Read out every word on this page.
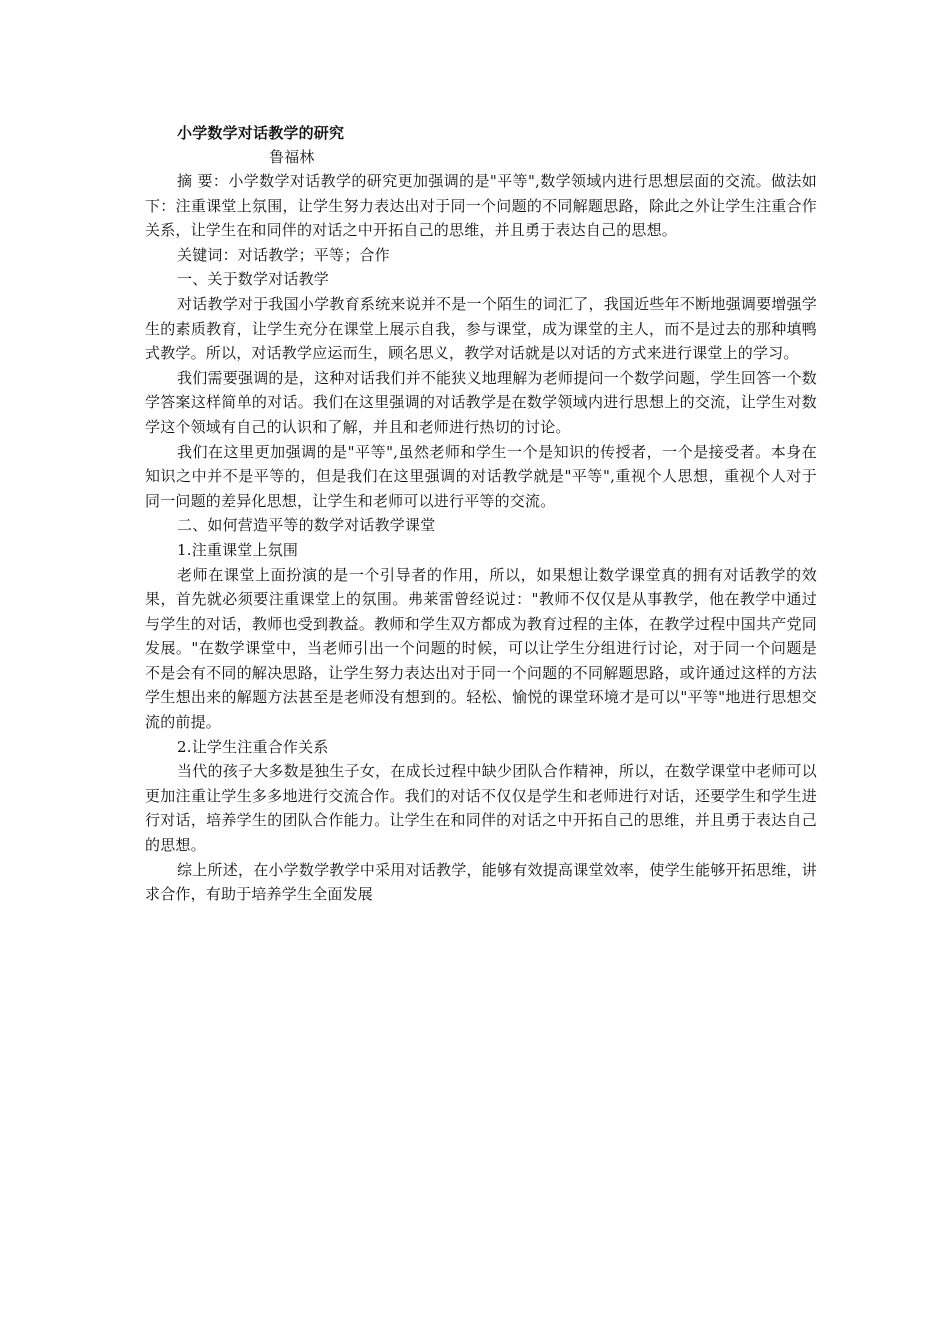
小学数学对话教学的研究

鲁福林

摘 要：小学数学对话教学的研究更加强调的是"平等",数学领域内进行思想层面的交流。做法如下：注重课堂上氛围，让学生努力表达出对于同一个问题的不同解题思路，除此之外让学生注重合作关系，让学生在和同伴的对话之中开拓自己的思维，并且勇于表达自己的思想。

关键词：对话教学；平等；合作

一、关于数学对话教学

对话教学对于我国小学教育系统来说并不是一个陌生的词汇了，我国近些年不断地强调要增强学生的素质教育，让学生充分在课堂上展示自我，参与课堂，成为课堂的主人，而不是过去的那种填鸭式教学。所以，对话教学应运而生，顾名思义，教学对话就是以对话的方式来进行课堂上的学习。

我们需要强调的是，这种对话我们并不能狭义地理解为老师提问一个数学问题，学生回答一个数学答案这样简单的对话。我们在这里强调的对话教学是在数学领域内进行思想上的交流，让学生对数学这个领域有自己的认识和了解，并且和老师进行热切的讨论。

我们在这里更加强调的是"平等",虽然老师和学生一个是知识的传授者，一个是接受者。本身在知识之中并不是平等的，但是我们在这里强调的对话教学就是"平等",重视个人思想，重视个人对于同一问题的差异化思想，让学生和老师可以进行平等的交流。

二、如何营造平等的数学对话教学课堂

1.注重课堂上氛围

老师在课堂上面扮演的是一个引导者的作用，所以，如果想让数学课堂真的拥有对话教学的效果，首先就必须要注重课堂上的氛围。弗莱雷曾经说过："教师不仅仅是从事教学，他在教学中通过与学生的对话，教师也受到教益。教师和学生双方都成为教育过程的主体，在教学过程中国共产党同发展。"在数学课堂中，当老师引出一个问题的时候，可以让学生分组进行讨论，对于同一个问题是不是会有不同的解决思路，让学生努力表达出对于同一个问题的不同解题思路，或许通过这样的方法学生想出来的解题方法甚至是老师没有想到的。轻松、愉悦的课堂环境才是可以"平等"地进行思想交流的前提。

2.让学生注重合作关系

当代的孩子大多数是独生子女，在成长过程中缺少团队合作精神，所以，在数学课堂中老师可以更加注重让学生多多地进行交流合作。我们的对话不仅仅是学生和老师进行对话，还要学生和学生进行对话，培养学生的团队合作能力。让学生在和同伴的对话之中开拓自己的思维，并且勇于表达自己的思想。

综上所述，在小学数学教学中采用对话教学，能够有效提高课堂效率，使学生能够开拓思维，讲求合作，有助于培养学生全面发展
